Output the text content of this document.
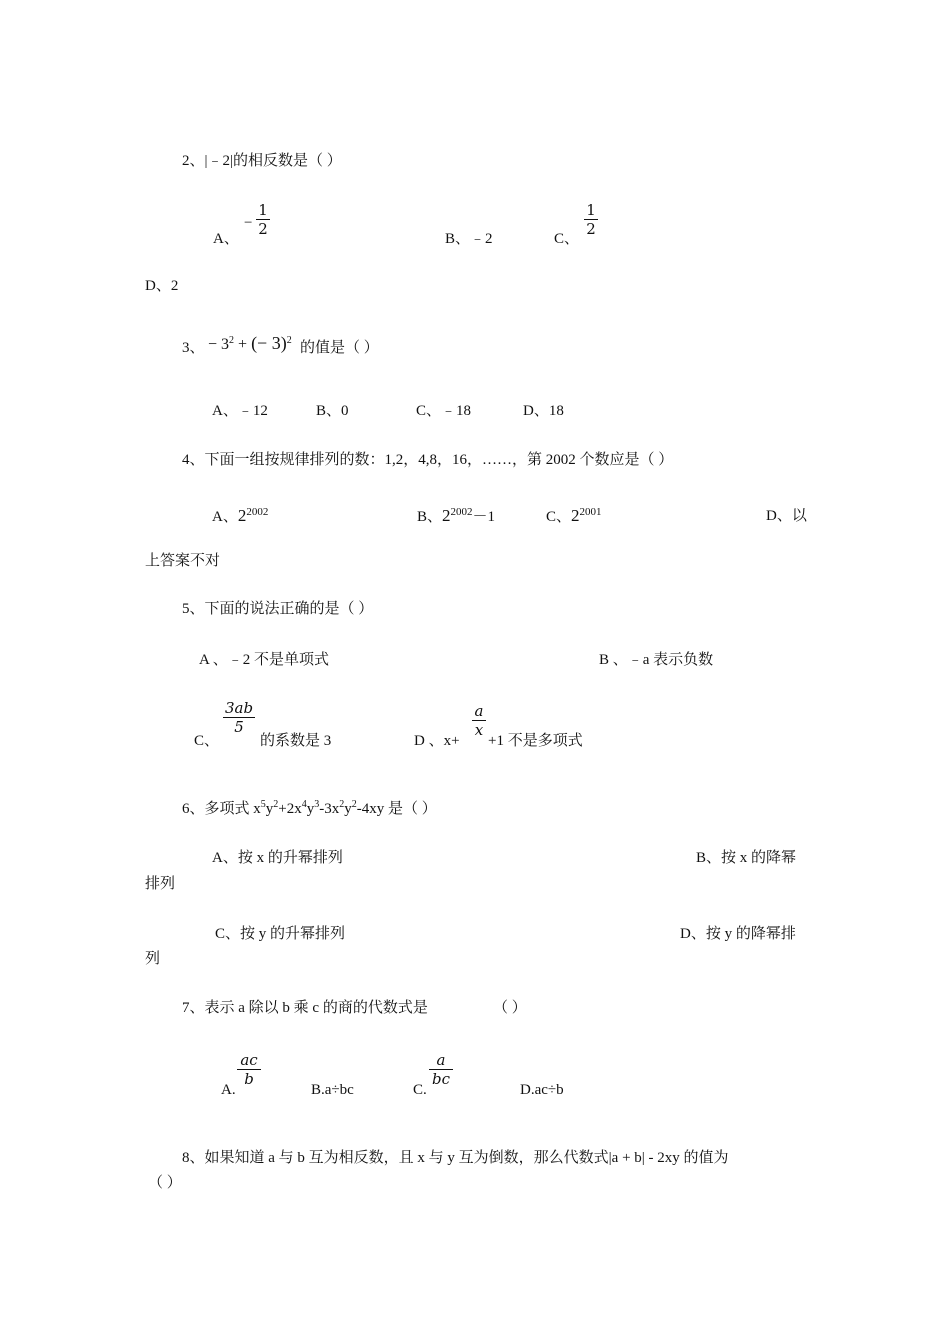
2、|﹣2|的相反数是（ ）
A、
−
1
2
B、﹣2	C、
1
2
D、2
3、 − $3^2$ + (− 3)$^2$ 的值是（ ）
A、﹣12	B、0	C、﹣18	D、18
4、下面一组按规律排列的数：1,2，4,8，16，……，第 2002 个数应是（ ）
A、$2^{2002}$	B、$2^{2002}-1$	C、$2^{2001}$	D、以
上答案不对
5、下面的说法正确的是（ ）
A 、﹣2 不是单项式	B 、﹣a 表示负数
C、
3ab
5
的系数是 3	D 、x+
a
x
+1 不是多项式
6、多项式 $x^5y^2+2x^4y^3-3x^2y^2-4xy$ 是（ ）
A、按 x 的升幂排列	B、按 x 的降幂
排列
C、按 y 的升幂排列	D、按 y 的降幂排
列
7、表示 a 除以 b 乘 c 的商的代数式是	（ ）
A.
ac
b
B.a÷bc	C.
a
bc
D.ac÷b
8、如果知道 a 与 b 互为相反数，且 x 与 y 互为倒数，那么代数式|a + b| - 2xy 的值为
（ ）
